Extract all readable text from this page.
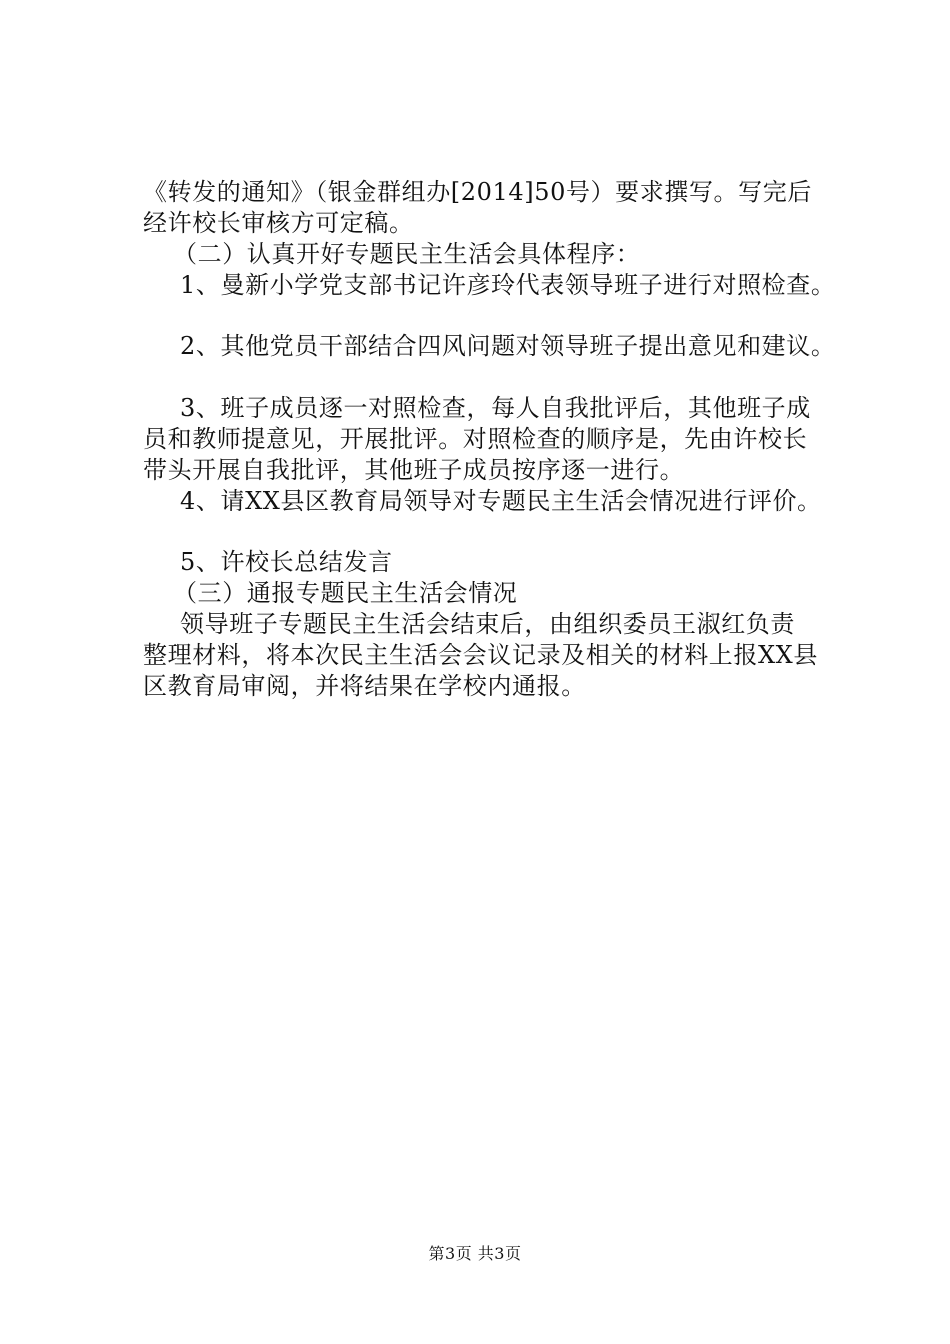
《转发的通知》（银金群组办[2014]50号）要求撰写。写完后
经许校长审核方可定稿。
（二）认真开好专题民主生活会具体程序：
1、曼新小学党支部书记许彦玲代表领导班子进行对照检查。
2、其他党员干部结合四风问题对领导班子提出意见和建议。
3、班子成员逐一对照检查，每人自我批评后，其他班子成
员和教师提意见，开展批评。对照检查的顺序是，先由许校长
带头开展自我批评，其他班子成员按序逐一进行。
4、请XX县区教育局领导对专题民主生活会情况进行评价。
5、许校长总结发言
（三）通报专题民主生活会情况
领导班子专题民主生活会结束后，由组织委员王淑红负责
整理材料，将本次民主生活会会议记录及相关的材料上报XX县
区教育局审阅，并将结果在学校内通报。
第3页 共3页
